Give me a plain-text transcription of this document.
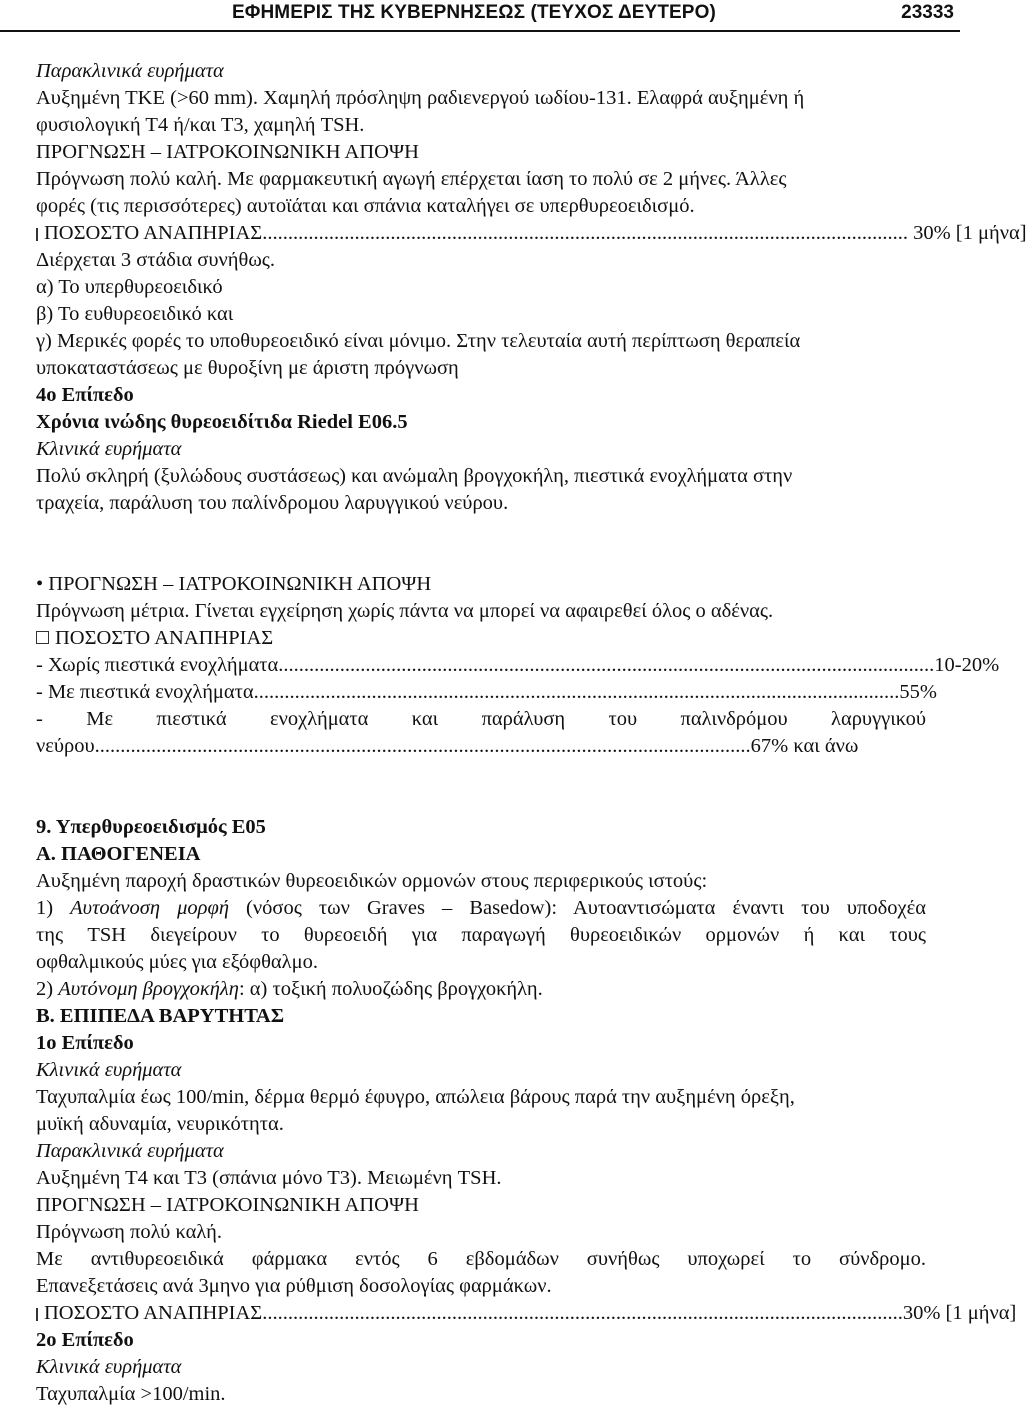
ΕΦΗΜΕΡΙΣ ΤΗΣ ΚΥΒΕΡΝΗΣΕΩΣ (ΤΕΥΧΟΣ ΔΕΥΤΕΡΟ)	23333
Παρακλινικά ευρήματα
Αυξημένη ΤΚΕ (>60 mm). Χαμηλή πρόσληψη ραδιενεργού ιωδίου-131. Ελαφρά αυξημένη ή
φυσιολογική Τ4 ή/και Τ3, χαμηλή TSH.
ΠΡΟΓΝΩΣΗ – ΙΑΤΡΟΚΟΙΝΩΝΙΚΗ ΑΠΟΨΗ
Πρόγνωση πολύ καλή. Με φαρμακευτική αγωγή επέρχεται ίαση το πολύ σε 2 μήνες. Άλλες
φορές (τις περισσότερες) αυτοϊάται και σπάνια καταλήγει σε υπερθυρεοειδισμό.
ΠΟΣΟΣΤΟ ΑΝΑΠΗΡΙΑΣ ............................................................................................................................. . 30% [1 μήνα]
Διέρχεται 3 στάδια συνήθως.
α) Το υπερθυρεοειδικό
β) Το ευθυρεοειδικό και
γ) Μερικές φορές το υποθυρεοειδικό είναι μόνιμο. Στην τελευταία αυτή περίπτωση θεραπεία
υποκαταστάσεως με θυροξίνη με άριστη πρόγνωση
4ο Επίπεδο
Χρόνια ινώδης θυρεοειδίτιδα Riedel E06.5
Κλινικά ευρήματα
Πολύ σκληρή (ξυλώδους συστάσεως) και ανώμαλη βρογχοκήλη, πιεστικά ενοχλήματα στην
τραχεία, παράλυση του παλίνδρομου λαρυγγικού νεύρου.
• ΠΡΟΓΝΩΣΗ – ΙΑΤΡΟΚΟΙΝΩΝΙΚΗ ΑΠΟΨΗ
Πρόγνωση μέτρια. Γίνεται εγχείρηση χωρίς πάντα να μπορεί να αφαιρεθεί όλος ο αδένας.
ΠΟΣΟΣΤΟ ΑΝΑΠΗΡΙΑΣ
- Χωρίς πιεστικά ενοχλήματα ............................................................................................................................. ...10-20%
- Με πιεστικά ενοχλήματα ............................................................................................................................. .55%
- Με πιεστικά ενοχλήματα και παράλυση του παλινδρόμου λαρυγγικού
νεύρου ............................................................................................................................. ...67% και άνω
9. Υπερθυρεοειδισμός Ε05
Α. ΠΑΘΟΓΕΝΕΙΑ
Αυξημένη παροχή δραστικών θυρεοειδικών ορμονών στους περιφερικούς ιστούς:
1) Αυτοάνοση μορφή (νόσος των Graves – Basedow): Αυτοαντισώματα έναντι του υποδοχέα
της TSH διεγείρουν το θυρεοειδή για παραγωγή θυρεοειδικών ορμονών ή και τους
οφθαλμικούς μύες για εξόφθαλμο.
2) Αυτόνομη βρογχοκήλη: α) τοξική πολυοζώδης βρογχοκήλη.
Β. ΕΠΙΠΕΔΑ ΒΑΡΥΤΗΤΑΣ
1ο Επίπεδο
Κλινικά ευρήματα
Ταχυπαλμία έως 100/min, δέρμα θερμό έφυγρο, απώλεια βάρους παρά την αυξημένη όρεξη,
μυϊκή αδυναμία, νευρικότητα.
Παρακλινικά ευρήματα
Αυξημένη Τ4 και Τ3 (σπάνια μόνο Τ3). Μειωμένη TSH.
ΠΡΟΓΝΩΣΗ – ΙΑΤΡΟΚΟΙΝΩΝΙΚΗ ΑΠΟΨΗ
Πρόγνωση πολύ καλή.
Με αντιθυρεοειδικά φάρμακα εντός 6 εβδομάδων συνήθως υποχωρεί το σύνδρομο.
Επανεξετάσεις ανά 3μηνο για ρύθμιση δοσολογίας φαρμάκων.
ΠΟΣΟΣΤΟ ΑΝΑΠΗΡΙΑΣ ............................................................................................................................. 30% [1 μήνα]
2ο Επίπεδο
Κλινικά ευρήματα
Ταχυπαλμία >100/min.
